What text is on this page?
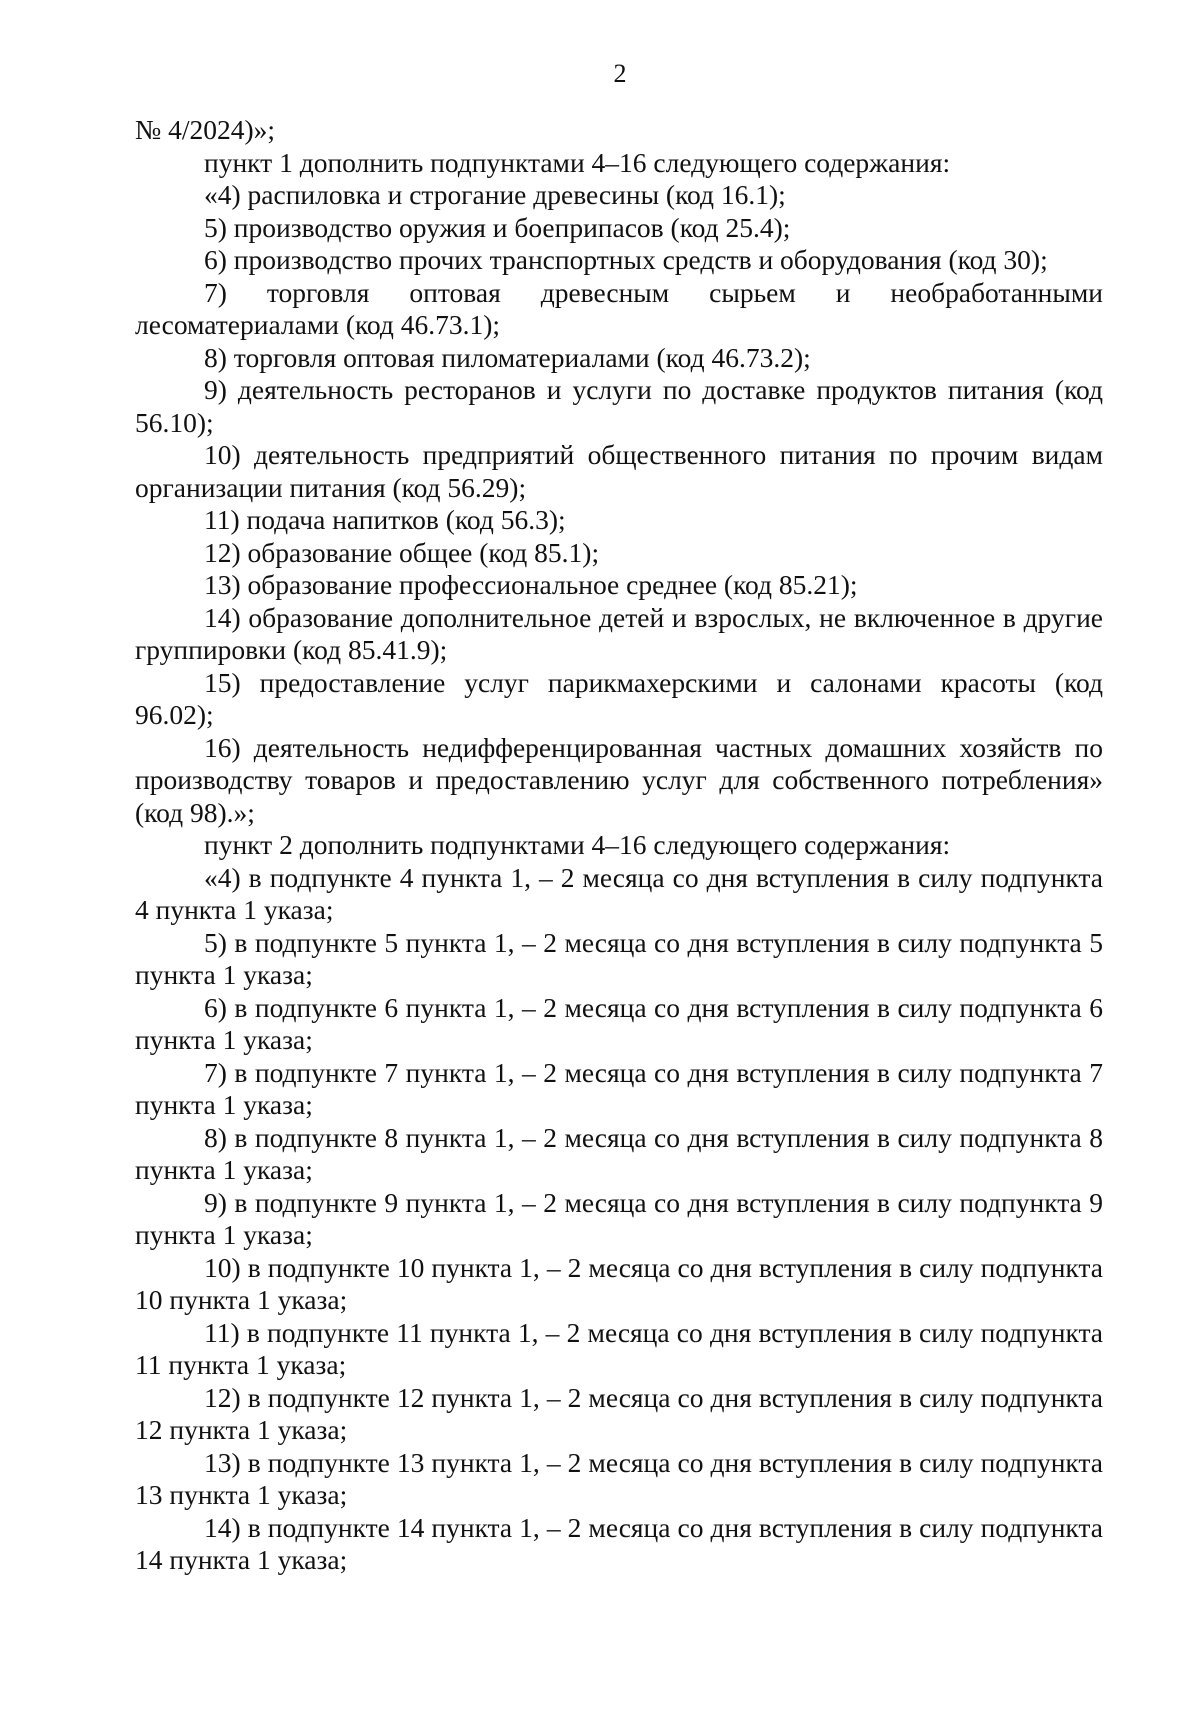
2

№ 4/2024)»;

пункт 1 дополнить подпунктами 4–16 следующего содержания:

«4) распиловка и строгание древесины (код 16.1);

5) производство оружия и боеприпасов (код 25.4);

6) производство прочих транспортных средств и оборудования (код 30);

7) торговля оптовая древесным сырьем и необработанными лесоматериалами (код 46.73.1);

8) торговля оптовая пиломатериалами (код 46.73.2);

9) деятельность ресторанов и услуги по доставке продуктов питания (код 56.10);

10) деятельность предприятий общественного питания по прочим видам организации питания (код 56.29);

11) подача напитков (код 56.3);

12) образование общее (код 85.1);

13) образование профессиональное среднее (код 85.21);

14) образование дополнительное детей и взрослых, не включенное в другие группировки (код 85.41.9);

15) предоставление услуг парикмахерскими и салонами красоты (код 96.02);

16) деятельность недифференцированная частных домашних хозяйств по производству товаров и предоставлению услуг для собственного потребления» (код 98).»;

пункт 2 дополнить подпунктами 4–16 следующего содержания:

«4) в подпункте 4 пункта 1, – 2 месяца со дня вступления в силу подпункта 4 пункта 1 указа;

5) в подпункте 5 пункта 1, – 2 месяца со дня вступления в силу подпункта 5 пункта 1 указа;

6) в подпункте 6 пункта 1, – 2 месяца со дня вступления в силу подпункта 6 пункта 1 указа;

7) в подпункте 7 пункта 1, – 2 месяца со дня вступления в силу подпункта 7 пункта 1 указа;

8) в подпункте 8 пункта 1, – 2 месяца со дня вступления в силу подпункта 8 пункта 1 указа;

9) в подпункте 9 пункта 1, – 2 месяца со дня вступления в силу подпункта 9 пункта 1 указа;

10) в подпункте 10 пункта 1, – 2 месяца со дня вступления в силу подпункта 10 пункта 1 указа;

11) в подпункте 11 пункта 1, – 2 месяца со дня вступления в силу подпункта 11 пункта 1 указа;

12) в подпункте 12 пункта 1, – 2 месяца со дня вступления в силу подпункта 12 пункта 1 указа;

13) в подпункте 13 пункта 1, – 2 месяца со дня вступления в силу подпункта 13 пункта 1 указа;

14) в подпункте 14 пункта 1, – 2 месяца со дня вступления в силу подпункта 14 пункта 1 указа;
